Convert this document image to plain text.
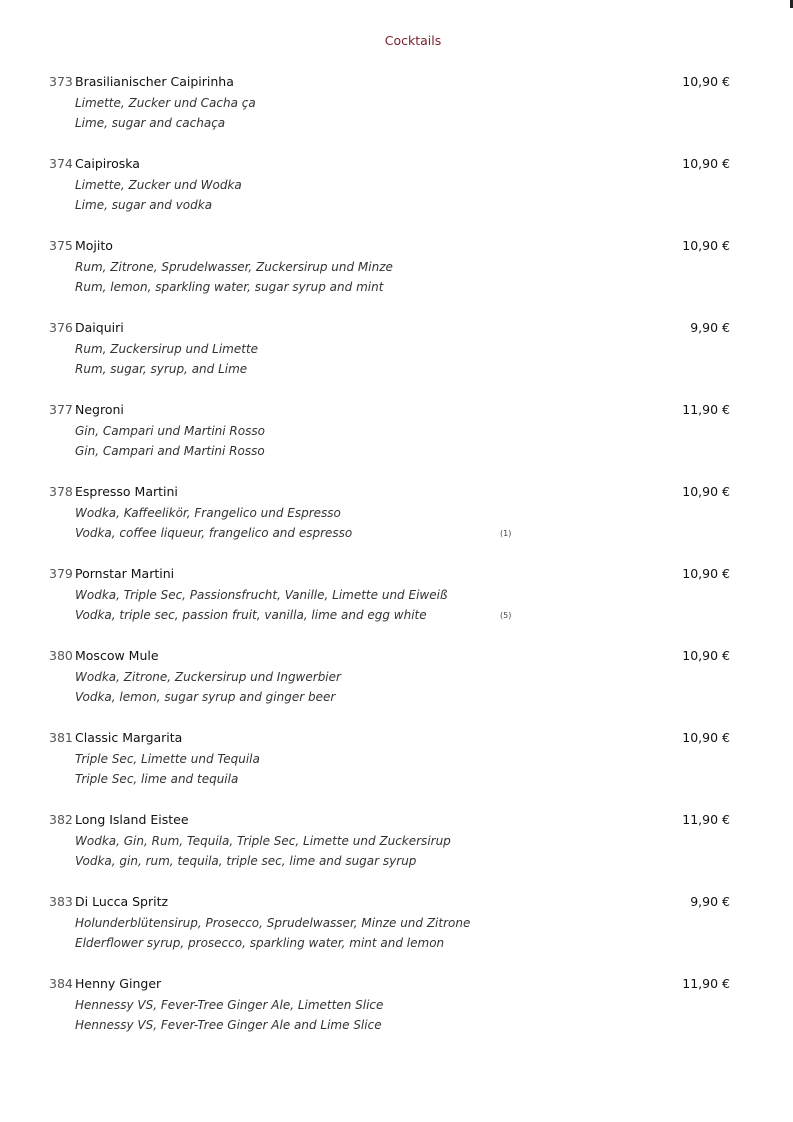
Cocktails
373 Brasilianischer Caipirinha	10,90 €
Limette, Zucker und Cacha ça
Lime, sugar and cachaça
374 Caipiroska	10,90 €
Limette, Zucker und Wodka
Lime, sugar and vodka
375 Mojito	10,90 €
Rum, Zitrone, Sprudelwasser, Zuckersirup und Minze
Rum, lemon, sparkling water, sugar syrup and mint
376 Daiquiri	9,90 €
Rum, Zuckersirup und Limette
Rum, sugar, syrup, and Lime
377 Negroni	11,90 €
Gin, Campari und Martini Rosso
Gin, Campari and Martini Rosso
378 Espresso Martini	10,90 €
Wodka, Kaffeelikör, Frangelico und Espresso
Vodka, coffee liqueur, frangelico and espresso	(1)
379 Pornstar Martini	10,90 €
Wodka, Triple Sec, Passionsfrucht, Vanille, Limette und Eiweiß
Vodka, triple sec, passion fruit, vanilla, lime and egg white	(5)
380 Moscow Mule	10,90 €
Wodka, Zitrone, Zuckersirup und Ingwerbier
Vodka, lemon, sugar syrup and ginger beer
381 Classic Margarita	10,90 €
Triple Sec, Limette und Tequila
Triple Sec, lime and tequila
382 Long Island Eistee	11,90 €
Wodka, Gin, Rum, Tequila, Triple Sec, Limette und Zuckersirup
Vodka, gin, rum, tequila, triple sec, lime and sugar syrup
383 Di Lucca Spritz	9,90 €
Holunderblütensirup, Prosecco, Sprudelwasser, Minze und Zitrone
Elderflower syrup, prosecco, sparkling water, mint and lemon
384 Henny Ginger	11,90 €
Hennessy VS, Fever-Tree Ginger Ale, Limetten Slice
Hennessy VS, Fever-Tree Ginger Ale and Lime Slice
